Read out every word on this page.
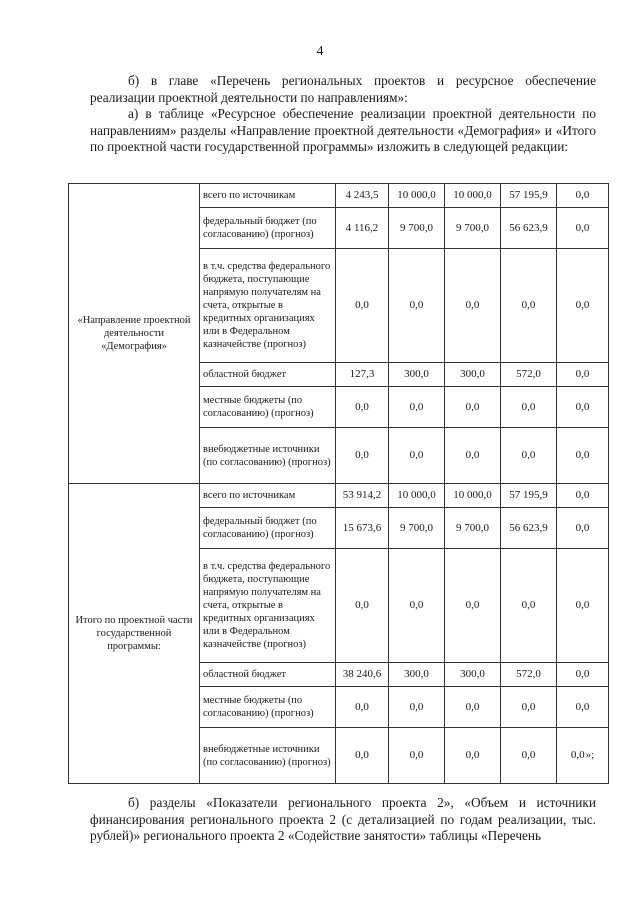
4
б) в главе «Перечень региональных проектов и ресурсное обеспечение реализации проектной деятельности по направлениям»:
а) в таблице «Ресурсное обеспечение реализации проектной деятельности по направлениям» разделы «Направление проектной деятельности «Демография» и «Итого по проектной части государственной программы» изложить в следующей редакции:
«Направление проектной деятельности «Демография»	всего по источникам	4 243,5	10 000,0	10 000,0	57 195,9	0,0
	федеральный бюджет (по согласованию) (прогноз)	4 116,2	9 700,0	9 700,0	56 623,9	0,0
	в т.ч. средства федерального бюджета, поступающие напрямую получателям на счета, открытые в кредитных организациях или в Федеральном казначействе (прогноз)	0,0	0,0	0,0	0,0	0,0
	областной бюджет	127,3	300,0	300,0	572,0	0,0
	местные бюджеты (по согласованию) (прогноз)	0,0	0,0	0,0	0,0	0,0
	внебюджетные источники (по согласованию) (прогноз)	0,0	0,0	0,0	0,0	0,0
Итого по проектной части государственной программы:	всего по источникам	53 914,2	10 000,0	10 000,0	57 195,9	0,0
	федеральный бюджет (по согласованию) (прогноз)	15 673,6	9 700,0	9 700,0	56 623,9	0,0
	в т.ч. средства федерального бюджета, поступающие напрямую получателям на счета, открытые в кредитных организациях или в Федеральном казначействе (прогноз)	0,0	0,0	0,0	0,0	0,0
	областной бюджет	38 240,6	300,0	300,0	572,0	0,0
	местные бюджеты (по согласованию) (прогноз)	0,0	0,0	0,0	0,0	0,0
	внебюджетные источники (по согласованию) (прогноз)	0,0	0,0	0,0	0,0	0,0»;
б) разделы «Показатели регионального проекта 2», «Объем и источники финансирования регионального проекта 2 (с детализацией по годам реализации, тыс. рублей)» регионального проекта 2 «Содействие занятости» таблицы «Перечень
